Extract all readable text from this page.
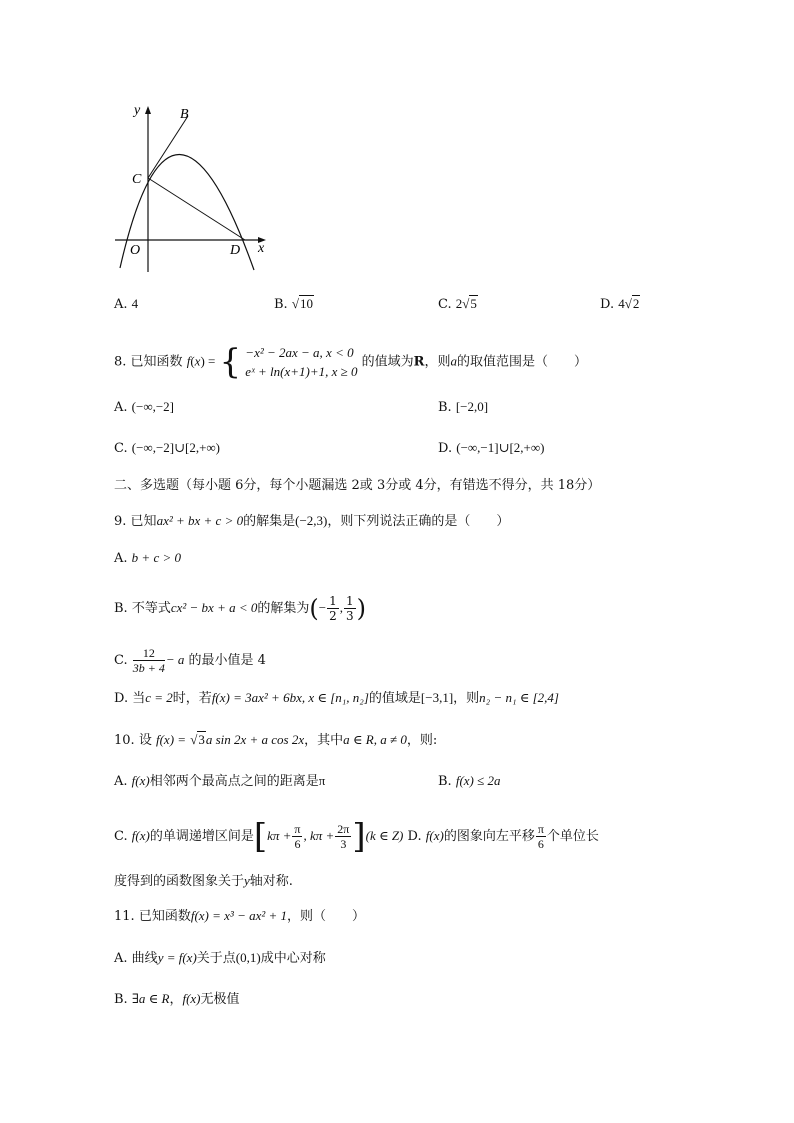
y	B
C
O	D x
A. 4	B. √10	C. 2√5	D. 4√2
8. 已知函数 f(x) = { −x² − 2ax − a, x < 0
eˣ + ln(x+1)+1, x ≥ 0
的值域为R，则a的取值范围是（　　）
A. (−∞,−2]	B. [−2,0]
C. (−∞,−2]∪[2,+∞)	D. (−∞,−1]∪[2,+∞)
二、多选题（每小题 6分，每个小题漏选 2或 3分或 4分，有错选不得分，共 18分）
9. 已知ax² + bx + c > 0的解集是(−2,3)，则下列说法正确的是（　　）
A. b + c > 0
B. 不等式cx² − bx + a < 0的解集为(− $\frac{1}{2}$ , $\frac{1}{3}$ )
C. $\frac{12}{3b + 4} - a$ 的最小值是 4
D. 当c = 2时，若f(x) = 3ax² + 6bx, x ∈ [n₁, n₂]的值域是[−3,1]，则n₂ − n₁ ∈ [2,4]
10. 设 f(x) = √3a sin 2x + a cos 2x，其中a ∈ R, a ≠ 0，则:
A. f(x)相邻两个最高点之间的距离是π	B. f(x) ≤ 2a
C. f(x)的单调递增区间是[$k\pi + \frac{\pi}{6}$ , $k\pi + \frac{2\pi}{3} ](k$ ∈ Z) D. f(x)的图象向左平移 $\frac{\pi}{6}$ 个单位长
度得到的函数图象关于y轴对称.
11. 已知函数f(x) = x³ − ax² + 1，则（　　）
A. 曲线y = f(x)关于点(0,1)成中心对称
B. ∃a ∈ R，f(x)无极值
